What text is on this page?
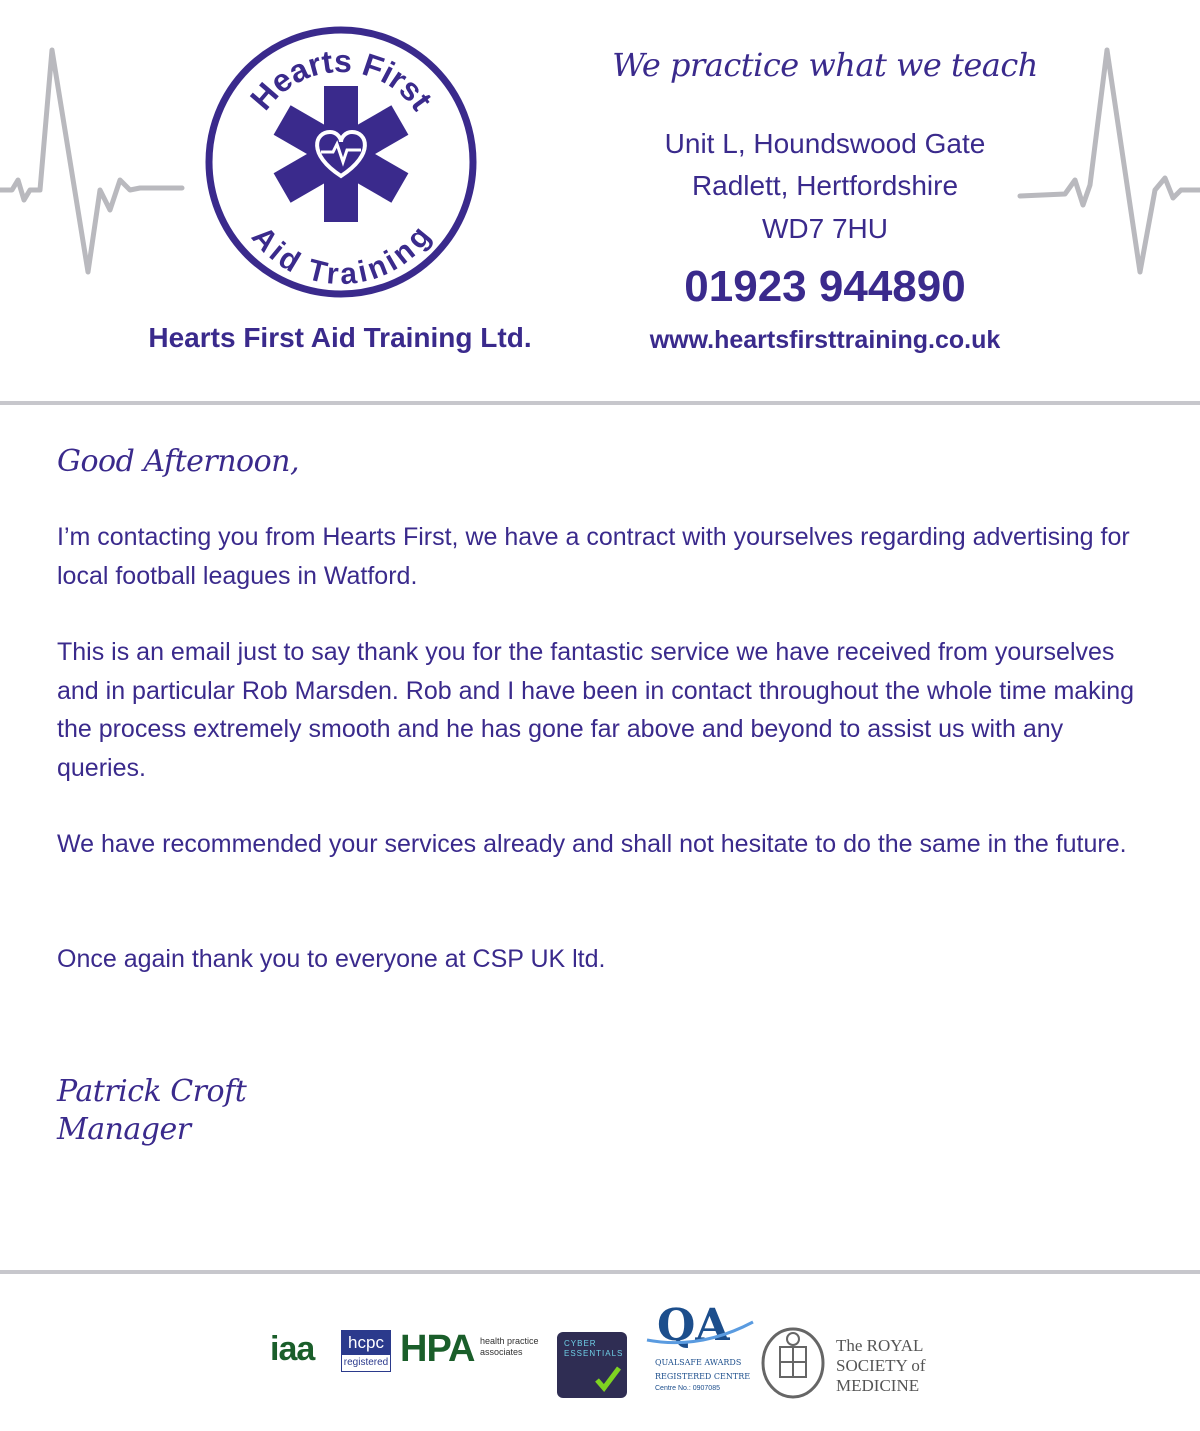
Hearts First
Aid Training
Hearts First Aid Training Ltd.
We practice what we teach
Unit L, Houndswood Gate
Radlett, Hertfordshire
WD7 7HU
01923 944890
www.heartsfirsttraining.co.uk
Good Afternoon,

I’m contacting you from Hearts First, we have a contract with yourselves regarding advertising for local football leagues in Watford.

This is an email just to say thank you for the fantastic service we have received from yourselves and in particular Rob Marsden. Rob and I have been in contact throughout the whole time making the process extremely smooth and he has gone far above and beyond to assist us with any queries.

We have recommended your services already and shall not hesitate to do the same in the future.

Once again thank you to everyone at CSP UK ltd.

Patrick Croft
Manager
iaa	hcpc
registered HPA health practice
associates
CYBER
ESSENTIALS
QA
QUALSAFE AWARDS
REGISTERED CENTRE
Centre No.: 0907085
The ROYAL
SOCIETY of
MEDICINE
